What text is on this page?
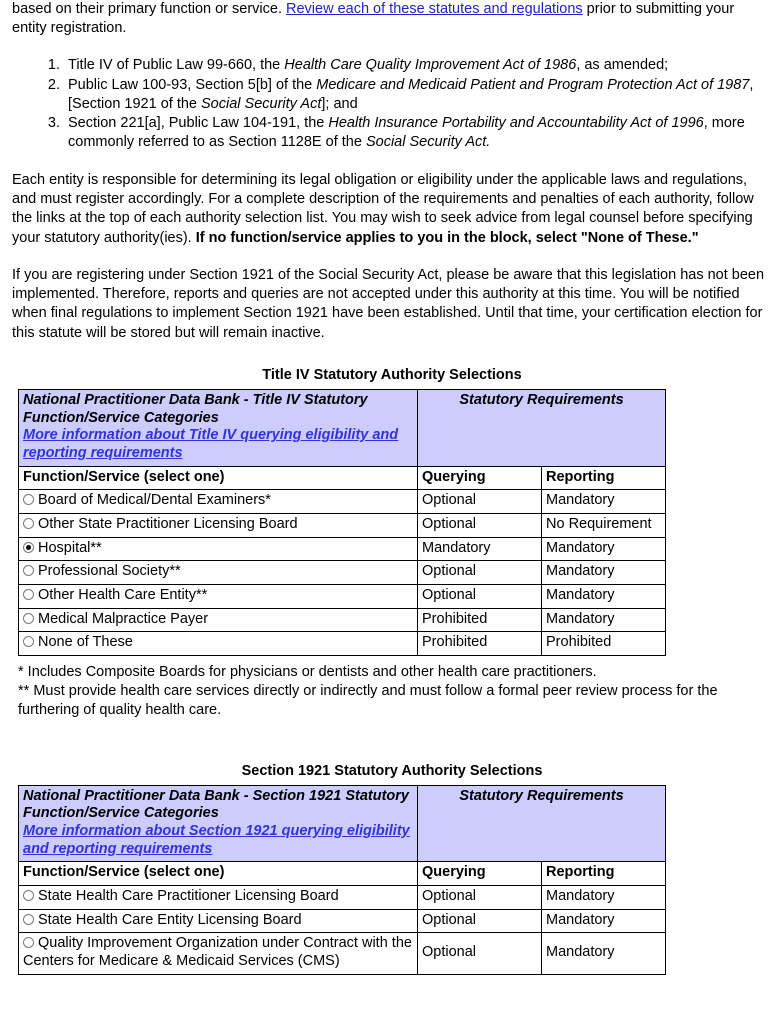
based on their primary function or service. Review each of these statutes and regulations prior to submitting your entity registration.

1. Title IV of Public Law 99-660, the Health Care Quality Improvement Act of 1986, as amended;
2. Public Law 100-93, Section 5[b] of the Medicare and Medicaid Patient and Program Protection Act of 1987, [Section 1921 of the Social Security Act]; and
3. Section 221[a], Public Law 104-191, the Health Insurance Portability and Accountability Act of 1996, more commonly referred to as Section 1128E of the Social Security Act.

Each entity is responsible for determining its legal obligation or eligibility under the applicable laws and regulations, and must register accordingly. For a complete description of the requirements and penalties of each authority, follow the links at the top of each authority selection list. You may wish to seek advice from legal counsel before specifying your statutory authority(ies). If no function/service applies to you in the block, select "None of These."

If you are registering under Section 1921 of the Social Security Act, please be aware that this legislation has not been implemented. Therefore, reports and queries are not accepted under this authority at this time. You will be notified when final regulations to implement Section 1921 have been established. Until that time, your certification election for this statute will be stored but will remain inactive.

Title IV Statutory Authority Selections
National Practitioner Data Bank - Title IV Statutory Function/Service Categories
More information about Title IV querying eligibility and reporting requirements	Statutory Requirements	
Function/Service (select one)	Querying	Reporting
Board of Medical/Dental Examiners*	Optional	Mandatory
Other State Practitioner Licensing Board	Optional	No Requirement
Hospital**	Mandatory	Mandatory
Professional Society**	Optional	Mandatory
Other Health Care Entity**	Optional	Mandatory
Medical Malpractice Payer	Prohibited	Mandatory
None of These	Prohibited	Prohibited
* Includes Composite Boards for physicians or dentists and other health care practitioners.
** Must provide health care services directly or indirectly and must follow a formal peer review process for the furthering of quality health care.
Section 1921 Statutory Authority Selections
National Practitioner Data Bank - Section 1921 Statutory Function/Service Categories
More information about Section 1921 querying eligibility and reporting requirements	Statutory Requirements	
Function/Service (select one)	Querying	Reporting
State Health Care Practitioner Licensing Board	Optional	Mandatory
State Health Care Entity Licensing Board	Optional	Mandatory
Quality Improvement Organization under Contract with the Centers for Medicare & Medicaid Services (CMS)	Optional	Mandatory
